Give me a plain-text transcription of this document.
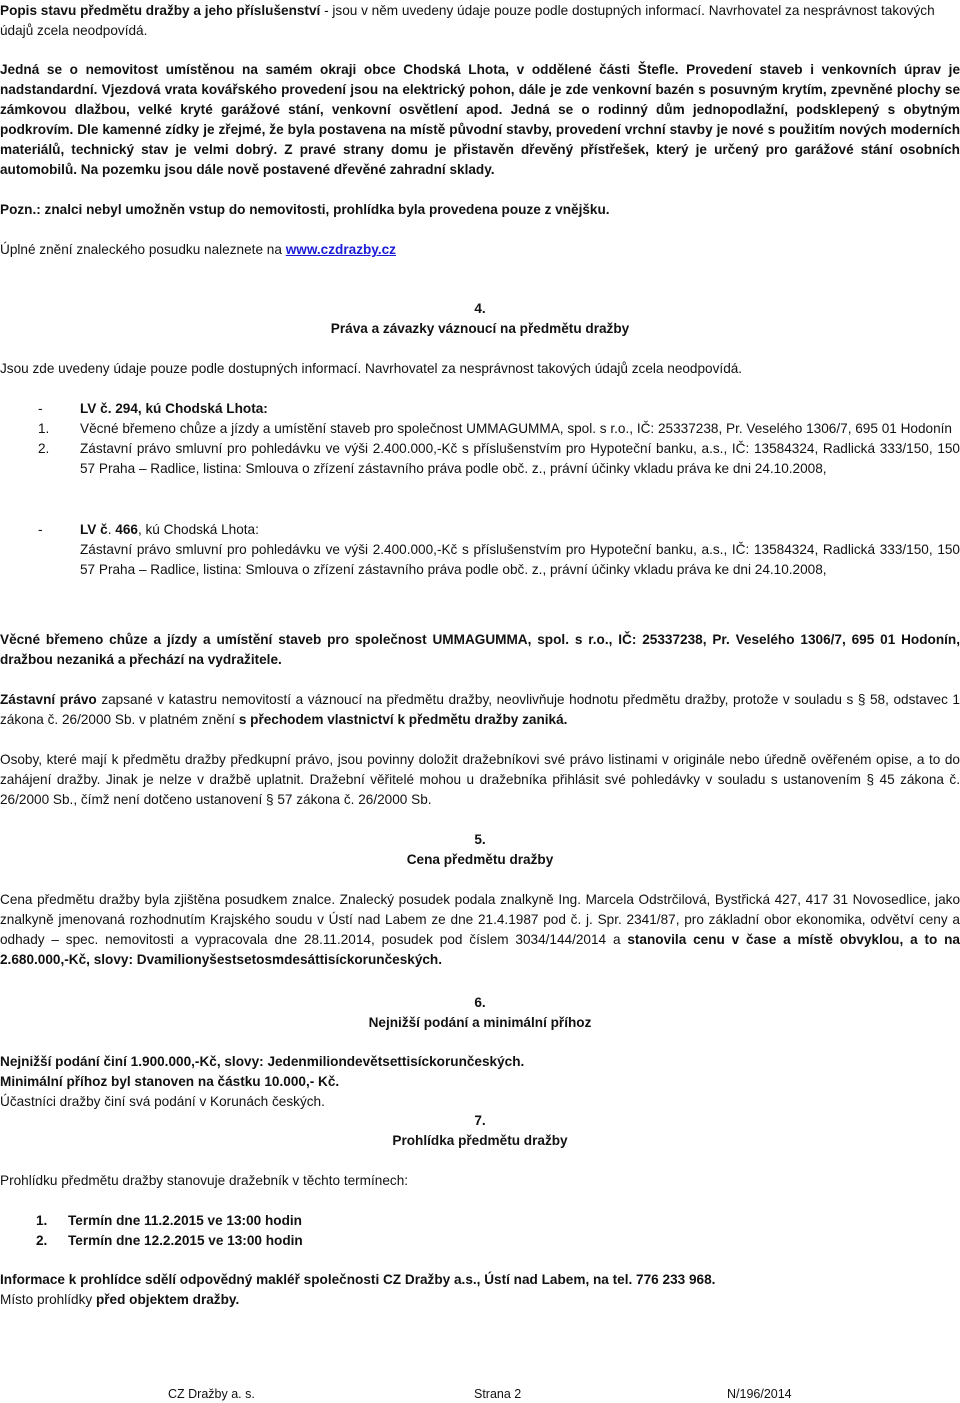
Popis stavu předmětu dražby a jeho příslušenství - jsou v něm uvedeny údaje pouze podle dostupných informací. Navrhovatel za nesprávnost takových údajů zcela neodpovídá.

Jedná se o nemovitost umístěnou na samém okraji obce Chodská Lhota, v oddělené části Štefle. Provedení staveb i venkovních úprav je nadstandardní. Vjezdová vrata kovářského provedení jsou na elektrický pohon, dále je zde venkovní bazén s posuvným krytím, zpevněné plochy se zámkovou dlažbou, velké kryté garážové stání, venkovní osvětlení apod. Jedná se o rodinný dům jednopodlažní, podsklepený s obytným podkrovím. Dle kamenné zídky je zřejmé, že byla postavena na místě původní stavby, provedení vrchní stavby je nové s použitím nových moderních materiálů, technický stav je velmi dobrý. Z pravé strany domu je přistavěn dřevěný přístřešek, který je určený pro garážové stání osobních automobilů. Na pozemku jsou dále nově postavené dřevěné zahradní sklady.

Pozn.: znalci nebyl umožněn vstup do nemovitosti, prohlídka byla provedena pouze z vnějšku.

Úplné znění znaleckého posudku naleznete na www.czdrazby.cz

4.
Práva a závazky váznoucí na předmětu dražby

Jsou zde uvedeny údaje pouze podle dostupných informací. Navrhovatel za nesprávnost takových údajů zcela neodpovídá.

-	LV č. 294, kú Chodská Lhota:
1.	Věcné břemeno chůze a jízdy a umístění staveb pro společnost UMMAGUMMA, spol. s r.o., IČ: 25337238, Pr. Veselého 1306/7, 695 01 Hodonín
2.	Zástavní právo smluvní pro pohledávku ve výši 2.400.000,-Kč s příslušenstvím pro Hypoteční banku, a.s., IČ: 13584324, Radlická 333/150, 150 57 Praha – Radlice, listina: Smlouva o zřízení zástavního práva podle obč. z., právní účinky vkladu práva ke dni 24.10.2008,
-	LV č. 466, kú Chodská Lhota:
Zástavní právo smluvní pro pohledávku ve výši 2.400.000,-Kč s příslušenstvím pro Hypoteční banku, a.s., IČ: 13584324, Radlická 333/150, 150 57 Praha – Radlice, listina: Smlouva o zřízení zástavního práva podle obč. z., právní účinky vkladu práva ke dni 24.10.2008,

Věcné břemeno chůze a jízdy a umístění staveb pro společnost UMMAGUMMA, spol. s r.o., IČ: 25337238, Pr. Veselého 1306/7, 695 01 Hodonín, dražbou nezaniká a přechází na vydražitele.

Zástavní právo zapsané v katastru nemovitostí a váznoucí na předmětu dražby, neovlivňuje hodnotu předmětu dražby, protože v souladu s § 58, odstavec 1 zákona č. 26/2000 Sb. v platném znění s přechodem vlastnictví k předmětu dražby zaniká.

Osoby, které mají k předmětu dražby předkupní právo, jsou povinny doložit dražebníkovi své právo listinami v originále nebo úředně ověřeném opise, a to do zahájení dražby. Jinak je nelze v dražbě uplatnit. Dražební věřitelé mohou u dražebníka přihlásit své pohledávky v souladu s ustanovením § 45 zákona č. 26/2000 Sb., čímž není dotčeno ustanovení § 57 zákona č. 26/2000 Sb.

5.
Cena předmětu dražby

Cena předmětu dražby byla zjištěna posudkem znalce. Znalecký posudek podala znalkyně Ing. Marcela Odstrčilová, Bystřická 427, 417 31 Novosedlice, jako znalkyně jmenovaná rozhodnutím Krajského soudu v Ústí nad Labem ze dne 21.4.1987 pod č. j. Spr. 2341/87, pro základní obor ekonomika, odvětví ceny a odhady – spec. nemovitosti a vypracovala dne 28.11.2014, posudek pod číslem 3034/144/2014 a stanovila cenu v čase a místě obvyklou, a to na 2.680.000,-Kč, slovy: Dvamilionyšestsetosmdesáttisíckorunčeských.

6.
Nejnižší podání a minimální příhoz

Nejnižší podání činí 1.900.000,-Kč, slovy: Jedenmiliondevětsettisíckorunčeských.

Minimální příhoz byl stanoven na částku 10.000,- Kč.

Účastníci dražby činí svá podání v Korunách českých.

7.
Prohlídka předmětu dražby

Prohlídku předmětu dražby stanovuje dražebník v těchto termínech:

1.	Termín dne 11.2.2015 ve 13:00 hodin
2.	Termín dne 12.2.2015 ve 13:00 hodin

Informace k prohlídce sdělí odpovědný makléř společnosti CZ Dražby a.s., Ústí nad Labem, na tel. 776 233 968.

Místo prohlídky před objektem dražby.

CZ Dražby a. s.	Strana 2	N/196/2014
